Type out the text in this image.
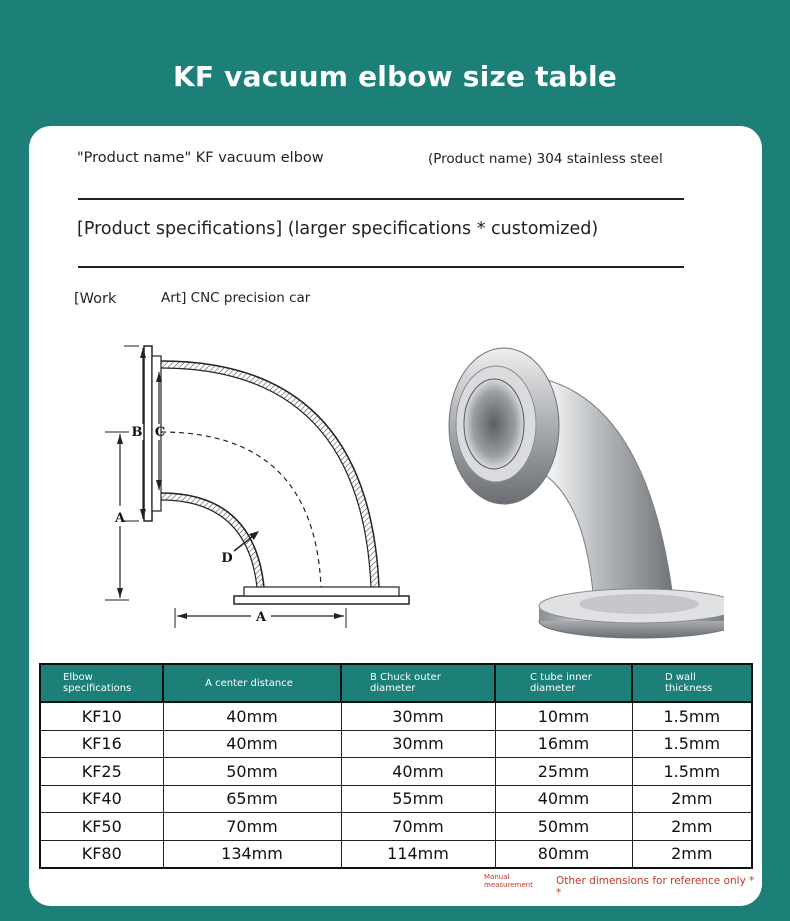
KF vacuum elbow size table
"Product name" KF vacuum elbow	(Product name) 304 stainless steel
[Product specifications] (larger specifications * customized)
[Work	Art] CNC precision car
B C
A
D
A
Elbow specifications	A center distance	B Chuck outer diameter	C tube inner diameter	D wall thickness
KF10	40mm	30mm	10mm	1.5mm
KF16	40mm	30mm	16mm	1.5mm
KF25	50mm	40mm	25mm	1.5mm
KF40	65mm	55mm	40mm	2mm
KF50	70mm	70mm	50mm	2mm
KF80	134mm	114mm	80mm	2mm
Manual measurement	Other dimensions for reference only * *
